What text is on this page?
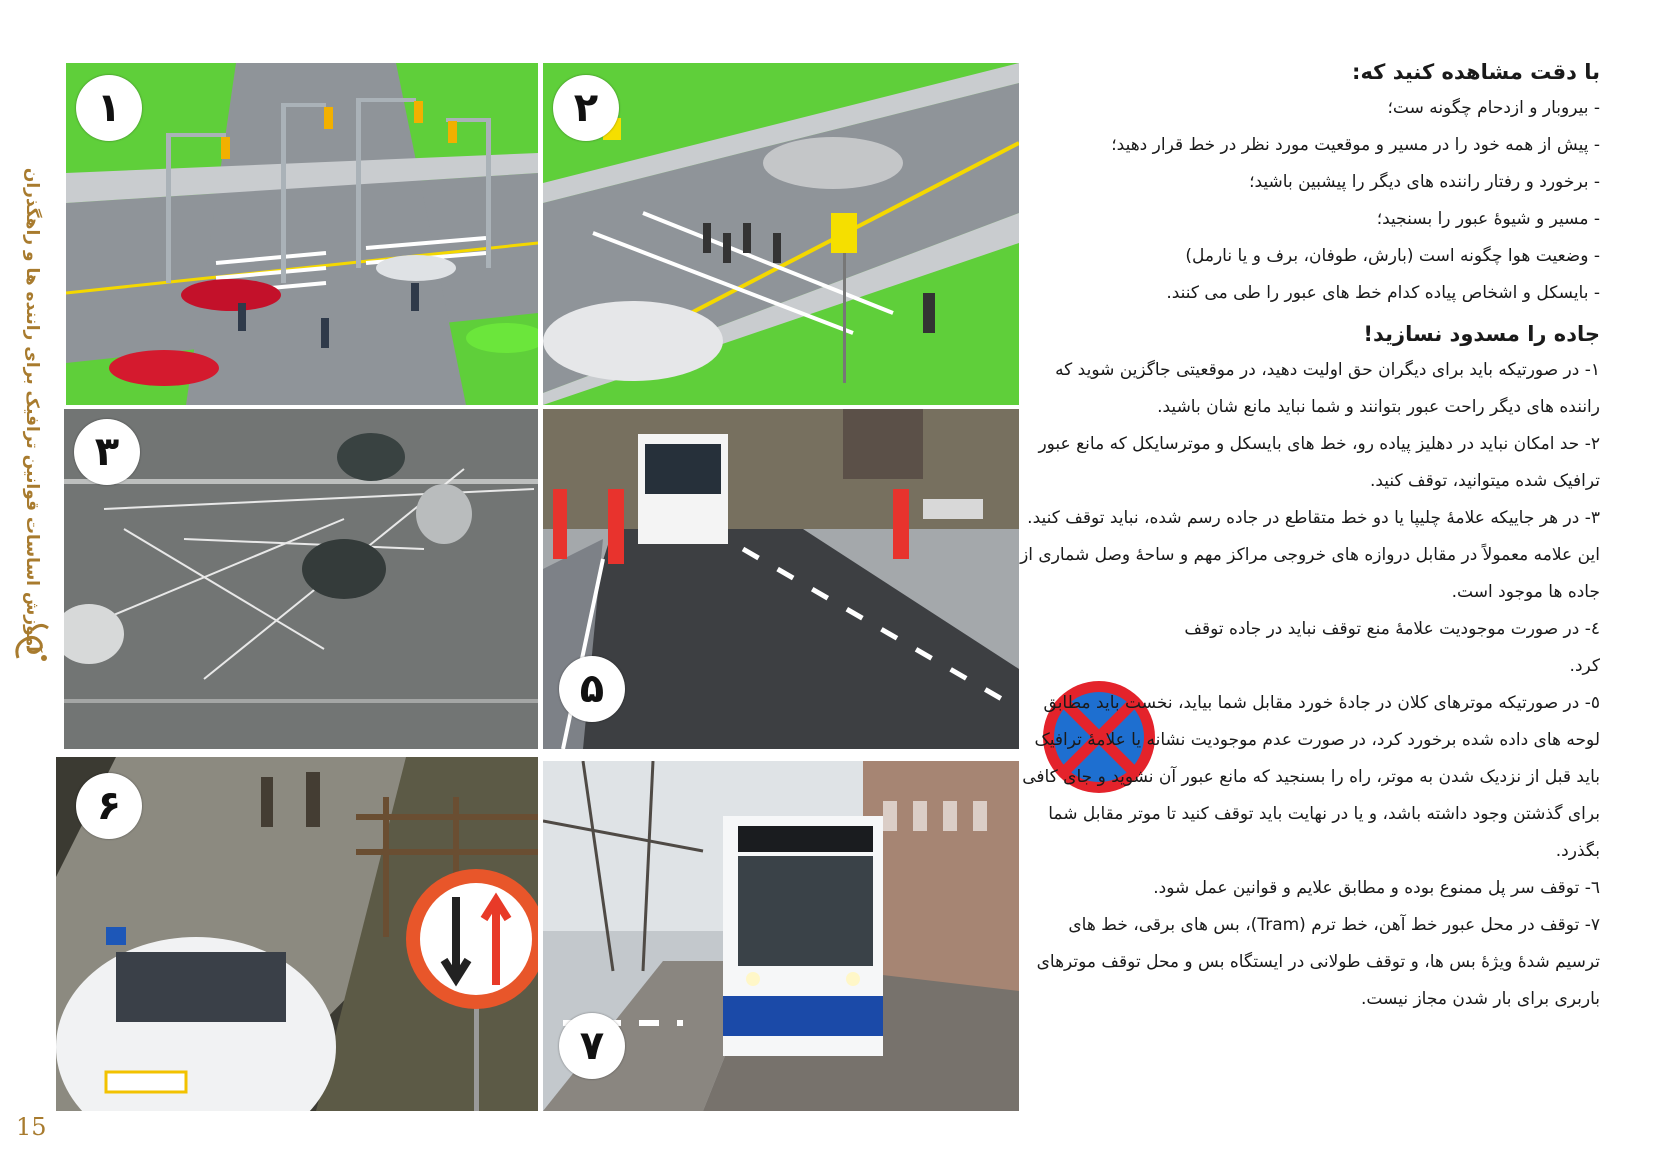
آموزش اساسات قوانین ترافیک برای راننده ها و راهگذران
15
۱	۲
۳
۵
۶
۷
با دقت مشاهده کنید که:

- بیروبار و ازدحام چگونه ست؛

- پیش از همه خود را در مسیر و موقعیت مورد نظر در خط قرار دهید؛

- برخورد و رفتار راننده های دیگر را پیشبین باشید؛

- مسیر و شیوهٔ عبور را بسنجید؛

- وضعیت هوا چگونه است (بارش، طوفان، برف و یا نارمل)

- بایسکل و اشخاص پیاده کدام خط های عبور را طی می کنند.

جاده را مسدود نسازید!

۱- در صورتیکه باید برای دیگران حق اولیت دهید، در موقعیتی جاگزین شوید که راننده های دیگر راحت عبور بتوانند و شما نباید مانع شان باشید.

۲- حد امکان نباید در دهلیز پیاده رو، خط های بایسکل و موترسایکل که مانع عبور ترافیک شده میتوانید، توقف کنید.

۳- در هر جاییکه علامهٔ چلیپا یا دو خط متقاطع در جاده رسم شده، نباید توقف کنید. این علامه معمولاً در مقابل دروازه های خروجی مراکز مهم و ساحهٔ وصل شماری از جاده ها موجود است.

٤- در صورت موجودیت علامهٔ منع توقف نباید در جاده توقف کرد.

٥- در صورتیکه موترهای کلان در جادهٔ خورد مقابل شما بیاید، نخست باید مطابق لوحه های داده شده برخورد کرد، در صورت عدم موجودیت نشانه یا علامهٔ ترافیک باید قبل از نزدیک شدن به موتر، راه را بسنجید که مانع عبور آن نشوید و جای کافی برای گذشتن وجود داشته باشد، و یا در نهایت باید توقف کنید تا موتر مقابل شما بگذرد.

٦- توقف سر پل ممنوع بوده و مطابق علایم و قوانین عمل شود.

۷- توقف در محل عبور خط آهن، خط ترم (Tram)، بس های برقی، خط های ترسیم شدهٔ ویژهٔ بس ها، و توقف طولانی در ایستگاه بس و محل توقف موترهای باربری برای بار شدن مجاز نیست.
